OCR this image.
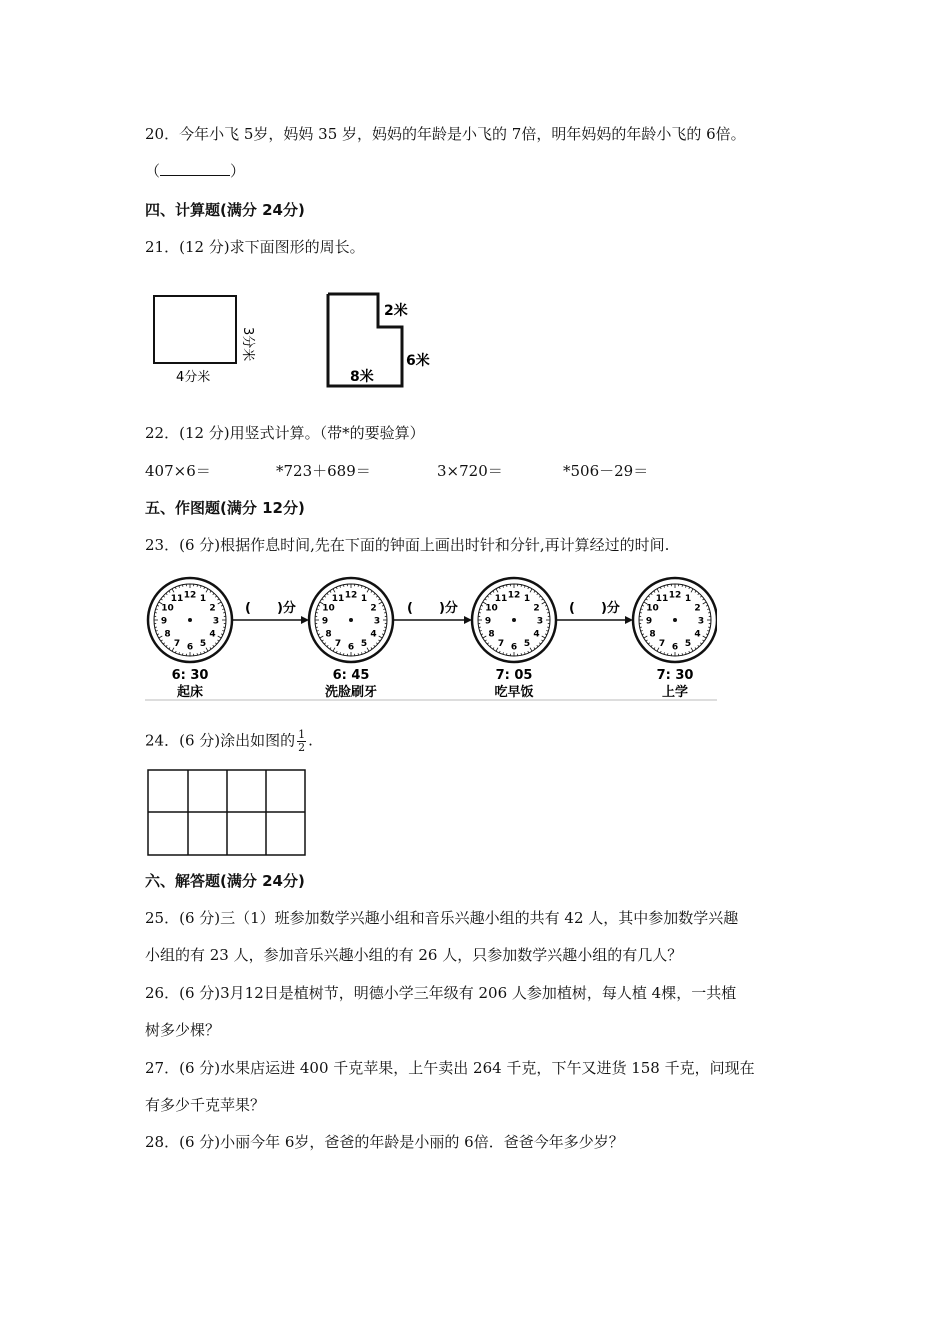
20．今年小飞 5岁，妈妈 35 岁，妈妈的年龄是小飞的 7倍，明年妈妈的年龄小飞的 6倍。
（	）
四、计算题(满分 24分)
21．(12 分)求下面图形的周长。
3分米
4分米
2米
6米
8米
22．(12 分)用竖式计算。（带*的要验算）
407×6＝	*723＋689＝	3×720＝	*506－29＝
五、作图题(满分 12分)
23．(6 分)根据作息时间,先在下面的钟面上画出时针和分针,再计算经过的时间.
12 1
2
3
4
5
6
7
8
9
10
11
6: 30
起床
(　　)分
12 1
2
3
4
5
6
7
8
9
10
11
6: 45
洗脸刷牙
(　　)分
12 1
2
3
4
5
6
7
8
9
10
11
7: 05
吃早饭
(　　)分
12 1
2
3
4
5
6
7
8
9
10
11
7: 30
上学
24．(6 分)涂出如图的 $\frac{1}{2}$ .
六、解答题(满分 24分)
25．(6 分)三（1）班参加数学兴趣小组和音乐兴趣小组的共有 42 人，其中参加数学兴趣
小组的有 23 人，参加音乐兴趣小组的有 26 人，只参加数学兴趣小组的有几人？
26．(6 分)3月12日是植树节，明德小学三年级有 206 人参加植树，每人植 4棵，一共植
树多少棵？
27．(6 分)水果店运进 400 千克苹果，上午卖出 264 千克，下午又进货 158 千克，问现在
有多少千克苹果？
28．(6 分)小丽今年 6岁，爸爸的年龄是小丽的 6倍．爸爸今年多少岁？
